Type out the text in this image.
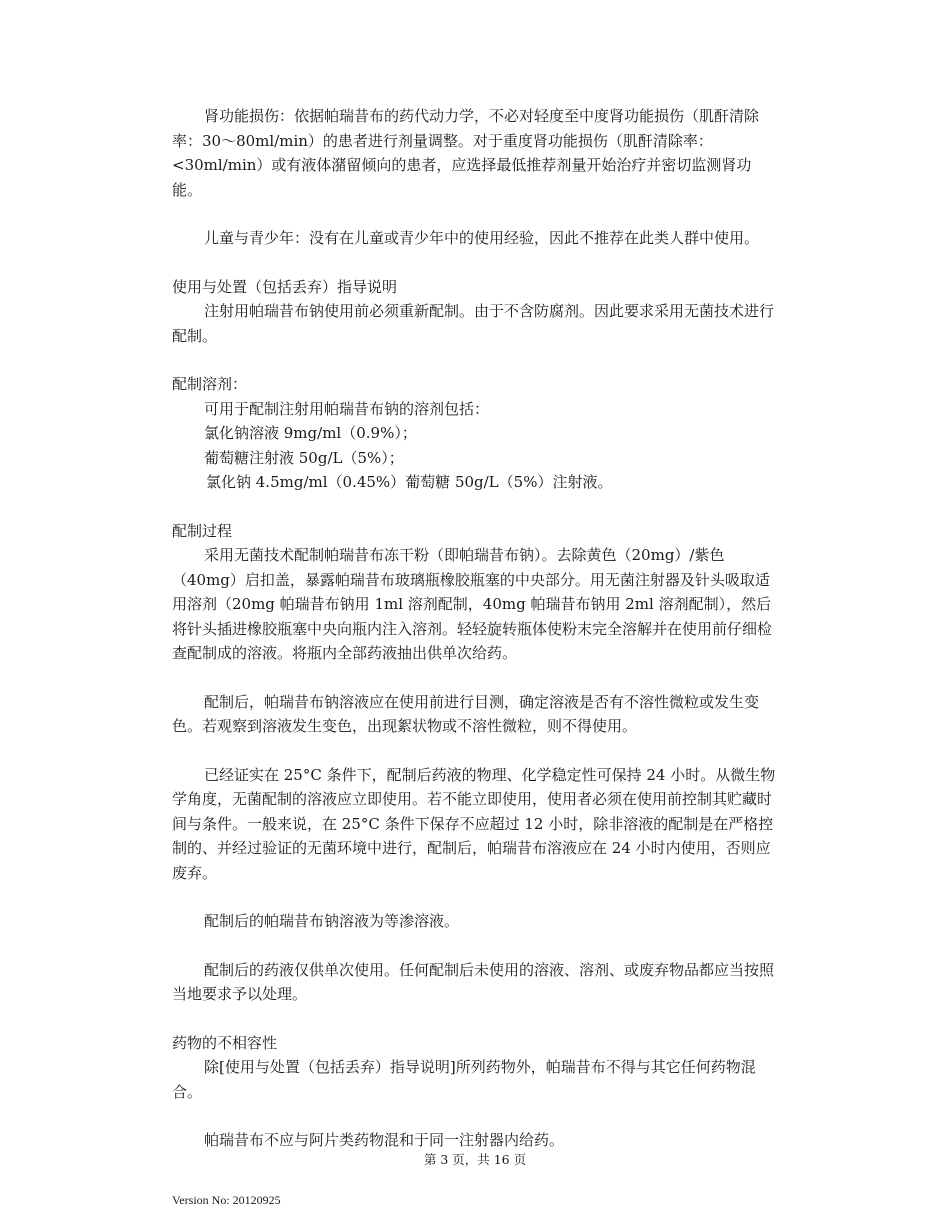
肾功能损伤：依据帕瑞昔布的药代动力学，不必对轻度至中度肾功能损伤（肌酐清除率：30～80ml/min）的患者进行剂量调整。对于重度肾功能损伤（肌酐清除率：<30ml/min）或有液体潴留倾向的患者，应选择最低推荐剂量开始治疗并密切监测肾功能。

儿童与青少年：没有在儿童或青少年中的使用经验，因此不推荐在此类人群中使用。

使用与处置（包括丢弃）指导说明

注射用帕瑞昔布钠使用前必须重新配制。由于不含防腐剂。因此要求采用无菌技术进行配制。

配制溶剂：

可用于配制注射用帕瑞昔布钠的溶剂包括：

氯化钠溶液 9mg/ml（0.9%）；

葡萄糖注射液 50g/L（5%）；

氯化钠 4.5mg/ml（0.45%）葡萄糖 50g/L（5%）注射液。

配制过程

采用无菌技术配制帕瑞昔布冻干粉（即帕瑞昔布钠）。去除黄色（20mg）/紫色（40mg）启扣盖，暴露帕瑞昔布玻璃瓶橡胶瓶塞的中央部分。用无菌注射器及针头吸取适用溶剂（20mg 帕瑞昔布钠用 1ml 溶剂配制，40mg 帕瑞昔布钠用 2ml 溶剂配制），然后将针头插进橡胶瓶塞中央向瓶内注入溶剂。轻轻旋转瓶体使粉末完全溶解并在使用前仔细检查配制成的溶液。将瓶内全部药液抽出供单次给药。

配制后，帕瑞昔布钠溶液应在使用前进行目测，确定溶液是否有不溶性微粒或发生变色。若观察到溶液发生变色，出现絮状物或不溶性微粒，则不得使用。

已经证实在 25°C 条件下，配制后药液的物理、化学稳定性可保持 24 小时。从微生物学角度，无菌配制的溶液应立即使用。若不能立即使用，使用者必须在使用前控制其贮藏时间与条件。一般来说，在 25°C 条件下保存不应超过 12 小时，除非溶液的配制是在严格控制的、并经过验证的无菌环境中进行，配制后，帕瑞昔布溶液应在 24 小时内使用，否则应废弃。

配制后的帕瑞昔布钠溶液为等渗溶液。

配制后的药液仅供单次使用。任何配制后未使用的溶液、溶剂、或废弃物品都应当按照当地要求予以处理。

药物的不相容性

除[使用与处置（包括丢弃）指导说明]所列药物外，帕瑞昔布不得与其它任何药物混合。

帕瑞昔布不应与阿片类药物混和于同一注射器内给药。

第 3 页，共 16 页
Version No: 20120925
